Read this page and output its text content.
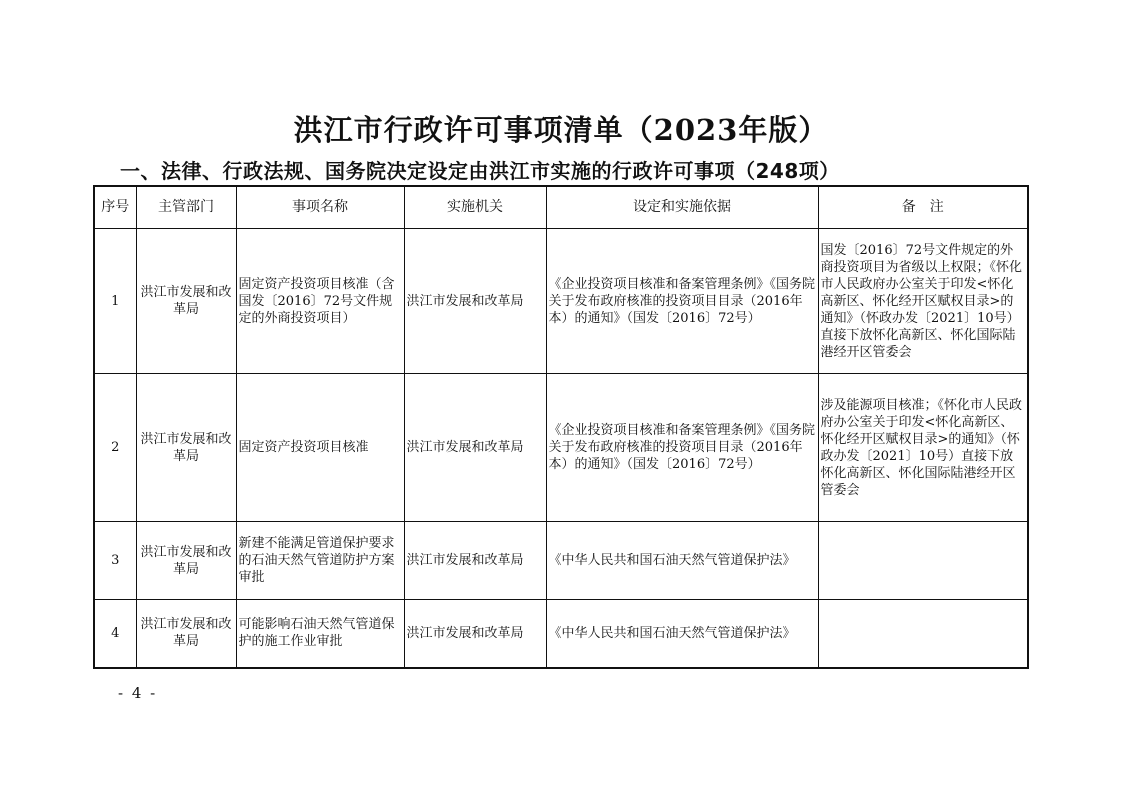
洪江市行政许可事项清单（2023年版）
一、法律、行政法规、国务院决定设定由洪江市实施的行政许可事项（248项）
序号	主管部门	事项名称	实施机关	设定和实施依据	备　注
1	洪江市发展和改革局	固定资产投资项目核准（含国发〔2016〕72号文件规定的外商投资项目）	洪江市发展和改革局	《企业投资项目核准和备案管理条例》《国务院关于发布政府核准的投资项目目录（2016年本）的通知》（国发〔2016〕72号）	国发〔2016〕72号文件规定的外商投资项目为省级以上权限；《怀化市人民政府办公室关于印发<怀化高新区、怀化经开区赋权目录>的通知》（怀政办发〔2021〕10号）直接下放怀化高新区、怀化国际陆港经开区管委会
2	洪江市发展和改革局	固定资产投资项目核准	洪江市发展和改革局	《企业投资项目核准和备案管理条例》《国务院关于发布政府核准的投资项目目录（2016年本）的通知》（国发〔2016〕72号）	涉及能源项目核准；《怀化市人民政府办公室关于印发<怀化高新区、怀化经开区赋权目录>的通知》（怀政办发〔2021〕10号）直接下放怀化高新区、怀化国际陆港经开区管委会
3	洪江市发展和改革局	新建不能满足管道保护要求的石油天然气管道防护方案审批	洪江市发展和改革局	《中华人民共和国石油天然气管道保护法》	
4	洪江市发展和改革局	可能影响石油天然气管道保护的施工作业审批	洪江市发展和改革局	《中华人民共和国石油天然气管道保护法》	
- 4 -
